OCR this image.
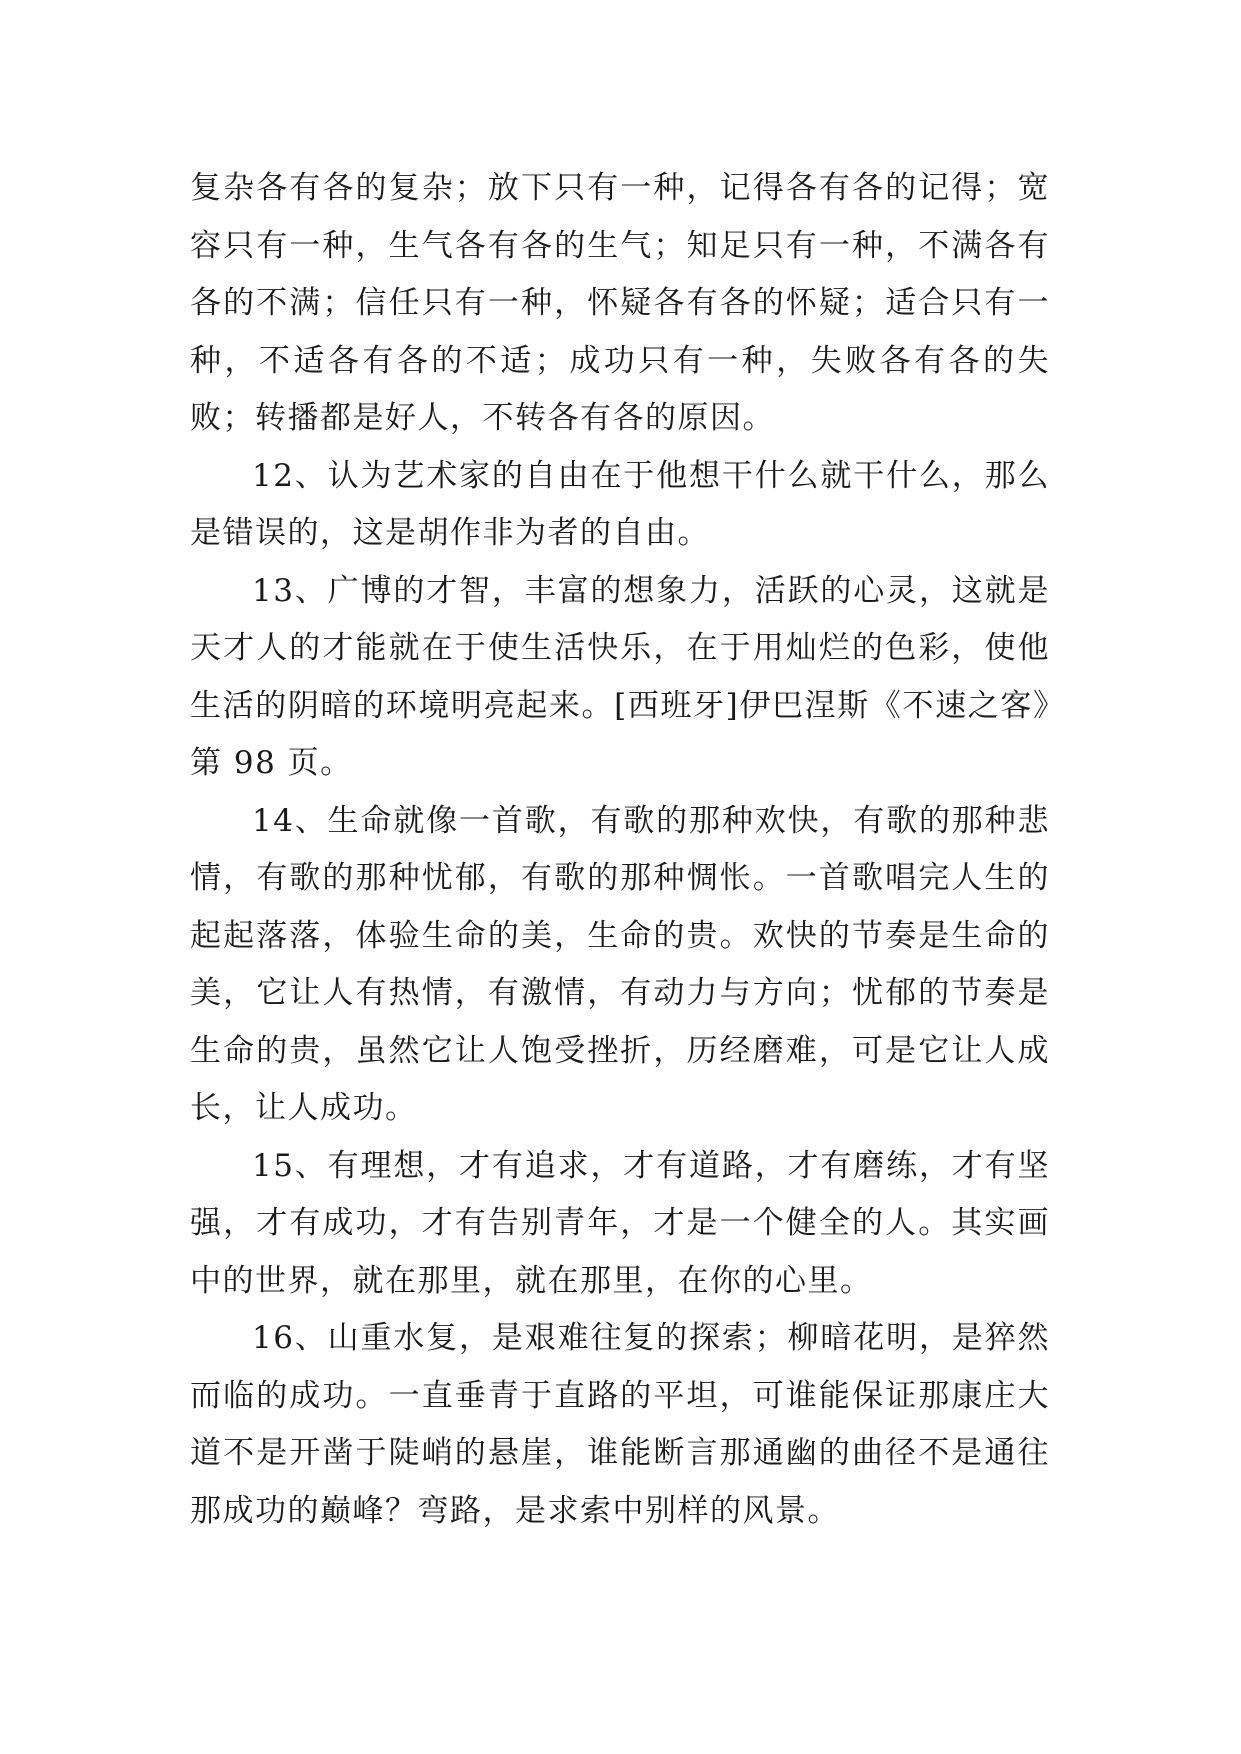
复杂各有各的复杂；放下只有一种，记得各有各的记得；宽容只有一种，生气各有各的生气；知足只有一种，不满各有各的不满；信任只有一种，怀疑各有各的怀疑；适合只有一种，不适各有各的不适；成功只有一种，失败各有各的失败；转播都是好人，不转各有各的原因。

12、认为艺术家的自由在于他想干什么就干什么，那么是错误的，这是胡作非为者的自由。

13、广博的才智，丰富的想象力，活跃的心灵，这就是天才人的才能就在于使生活快乐，在于用灿烂的色彩，使他生活的阴暗的环境明亮起来。[西班牙]伊巴涅斯《不速之客》第 98 页。

14、生命就像一首歌，有歌的那种欢快，有歌的那种悲情，有歌的那种忧郁，有歌的那种惆怅。一首歌唱完人生的起起落落，体验生命的美，生命的贵。欢快的节奏是生命的美，它让人有热情，有激情，有动力与方向；忧郁的节奏是生命的贵，虽然它让人饱受挫折，历经磨难，可是它让人成长，让人成功。

15、有理想，才有追求，才有道路，才有磨练，才有坚强，才有成功，才有告别青年，才是一个健全的人。其实画中的世界，就在那里，就在那里，在你的心里。

16、山重水复，是艰难往复的探索；柳暗花明，是猝然而临的成功。一直垂青于直路的平坦，可谁能保证那康庄大道不是开凿于陡峭的悬崖，谁能断言那通幽的曲径不是通往那成功的巅峰？弯路，是求索中别样的风景。
